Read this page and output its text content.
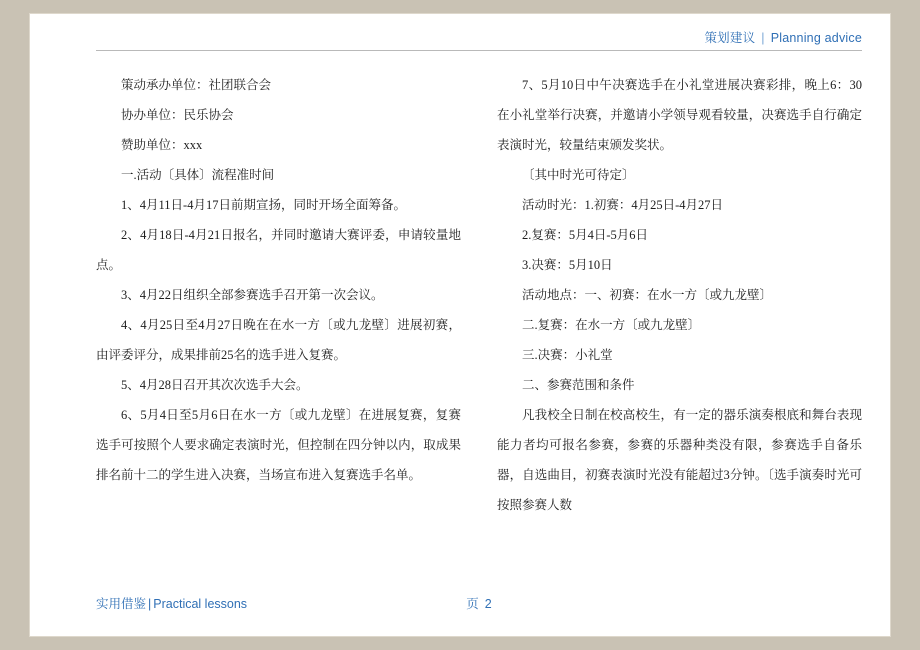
策划建议 | Planning advice

策动承办单位：社团联合会

协办单位：民乐协会

赞助单位：xxx

一.活动〔具体〕流程准时间

1、4月11日-4月17日前期宣扬，同时开场全面筹备。

2、4月18日-4月21日报名，并同时邀请大赛评委，申请较量地点。

3、4月22日组织全部参赛选手召开第一次会议。

4、4月25日至4月27日晚在在水一方〔或九龙壁〕进展初赛，由评委评分，成果排前25名的选手进入复赛。

5、4月28日召开其次次选手大会。

6、5月4日至5月6日在水一方〔或九龙壁〕在进展复赛，复赛选手可按照个人要求确定表演时光，但控制在四分钟以内，取成果排名前十二的学生进入决赛，当场宣布进入复赛选手名单。

7、5月10日中午决赛选手在小礼堂进展决赛彩排，晚上6：30在小礼堂举行决赛，并邀请小学领导观看较量，决赛选手自行确定表演时光，较量结束颁发奖状。

〔其中时光可待定〕

活动时光：1.初赛：4月25日-4月27日

2.复赛：5月4日-5月6日

3.决赛：5月10日

活动地点：一、初赛：在水一方〔或九龙壁〕

二.复赛：在水一方〔或九龙壁〕

三.决赛：小礼堂

二、参赛范围和条件

凡我校全日制在校高校生，有一定的器乐演奏根底和舞台表现能力者均可报名参赛，参赛的乐器种类没有限，参赛选手自备乐器，自选曲目，初赛表演时光没有能超过3分钟。〔选手演奏时光可按照参赛人数

实用借鉴 | Practical lessons	页 2
